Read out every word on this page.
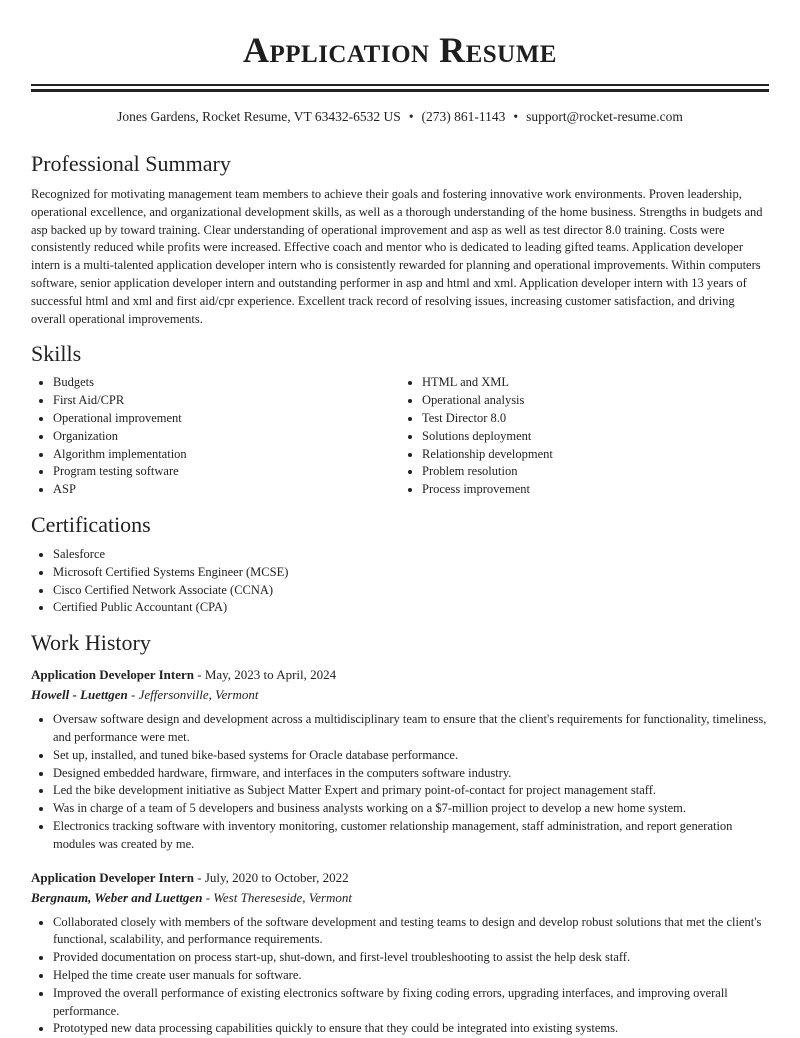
Application Resume
Jones Gardens, Rocket Resume, VT 63432-6532 US • (273) 861-1143 • support@rocket-resume.com
Professional Summary

Recognized for motivating management team members to achieve their goals and fostering innovative work environments. Proven leadership, operational excellence, and organizational development skills, as well as a thorough understanding of the home business. Strengths in budgets and asp backed up by toward training. Clear understanding of operational improvement and asp as well as test director 8.0 training. Costs were consistently reduced while profits were increased. Effective coach and mentor who is dedicated to leading gifted teams. Application developer intern is a multi-talented application developer intern who is consistently rewarded for planning and operational improvements. Within computers software, senior application developer intern and outstanding performer in asp and html and xml. Application developer intern with 13 years of successful html and xml and first aid/cpr experience. Excellent track record of resolving issues, increasing customer satisfaction, and driving overall operational improvements.

Skills
• Budgets
• First Aid/CPR
• Operational improvement
• Organization
• Algorithm implementation
• Program testing software
• ASP
• HTML and XML
• Operational analysis
• Test Director 8.0
• Solutions deployment
• Relationship development
• Problem resolution
• Process improvement
Certifications
• Salesforce
• Microsoft Certified Systems Engineer (MCSE)
• Cisco Certified Network Associate (CCNA)
• Certified Public Accountant (CPA)
Work History
Application Developer Intern - May, 2023 to April, 2024
Howell - Luettgen - Jeffersonville, Vermont
• Oversaw software design and development across a multidisciplinary team to ensure that the client's requirements for functionality, timeliness, and performance were met.
• Set up, installed, and tuned bike-based systems for Oracle database performance.
• Designed embedded hardware, firmware, and interfaces in the computers software industry.
• Led the bike development initiative as Subject Matter Expert and primary point-of-contact for project management staff.
• Was in charge of a team of 5 developers and business analysts working on a $7-million project to develop a new home system.
• Electronics tracking software with inventory monitoring, customer relationship management, staff administration, and report generation modules was created by me.
Application Developer Intern - July, 2020 to October, 2022
Bergnaum, Weber and Luettgen - West Thereseside, Vermont
• Collaborated closely with members of the software development and testing teams to design and develop robust solutions that met the client's functional, scalability, and performance requirements.
• Provided documentation on process start-up, shut-down, and first-level troubleshooting to assist the help desk staff.
• Helped the time create user manuals for software.
• Improved the overall performance of existing electronics software by fixing coding errors, upgrading interfaces, and improving overall performance.
• Prototyped new data processing capabilities quickly to ensure that they could be integrated into existing systems.
